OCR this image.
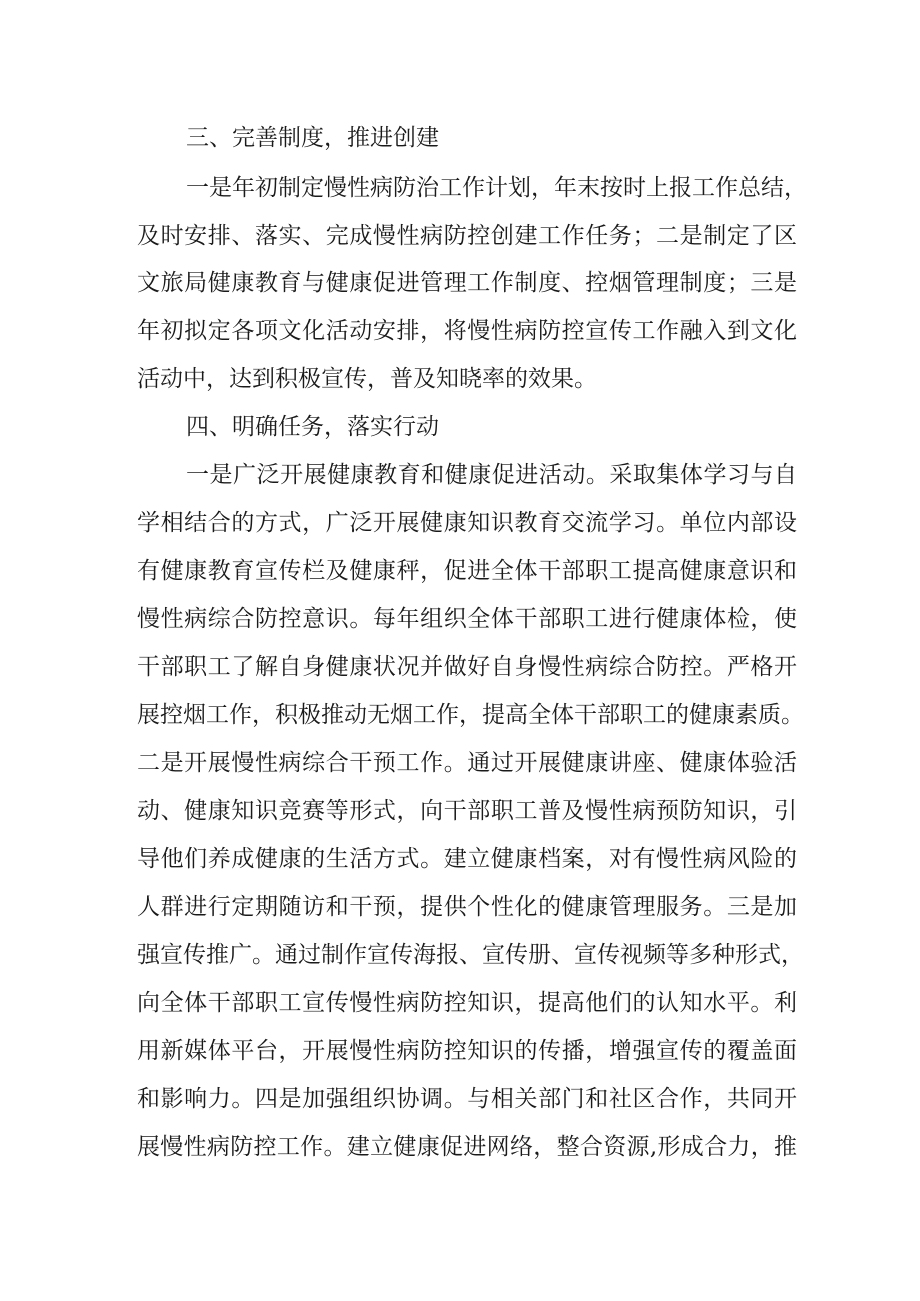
三、完善制度，推进创建
一是年初制定慢性病防治工作计划，年末按时上报工作总结，
及时安排、落实、完成慢性病防控创建工作任务；二是制定了区
文旅局健康教育与健康促进管理工作制度、控烟管理制度；三是
年初拟定各项文化活动安排，将慢性病防控宣传工作融入到文化
活动中，达到积极宣传，普及知晓率的效果。
四、明确任务，落实行动
一是广泛开展健康教育和健康促进活动。采取集体学习与自
学相结合的方式，广泛开展健康知识教育交流学习。单位内部设
有健康教育宣传栏及健康秤，促进全体干部职工提高健康意识和
慢性病综合防控意识。每年组织全体干部职工进行健康体检，使
干部职工了解自身健康状况并做好自身慢性病综合防控。严格开
展控烟工作，积极推动无烟工作，提高全体干部职工的健康素质。
二是开展慢性病综合干预工作。通过开展健康讲座、健康体验活
动、健康知识竞赛等形式，向干部职工普及慢性病预防知识，引
导他们养成健康的生活方式。建立健康档案，对有慢性病风险的
人群进行定期随访和干预，提供个性化的健康管理服务。三是加
强宣传推广。通过制作宣传海报、宣传册、宣传视频等多种形式，
向全体干部职工宣传慢性病防控知识，提高他们的认知水平。利
用新媒体平台，开展慢性病防控知识的传播，增强宣传的覆盖面
和影响力。四是加强组织协调。与相关部门和社区合作，共同开
展慢性病防控工作。建立健康促进网络，整合资源,形成合力，推
